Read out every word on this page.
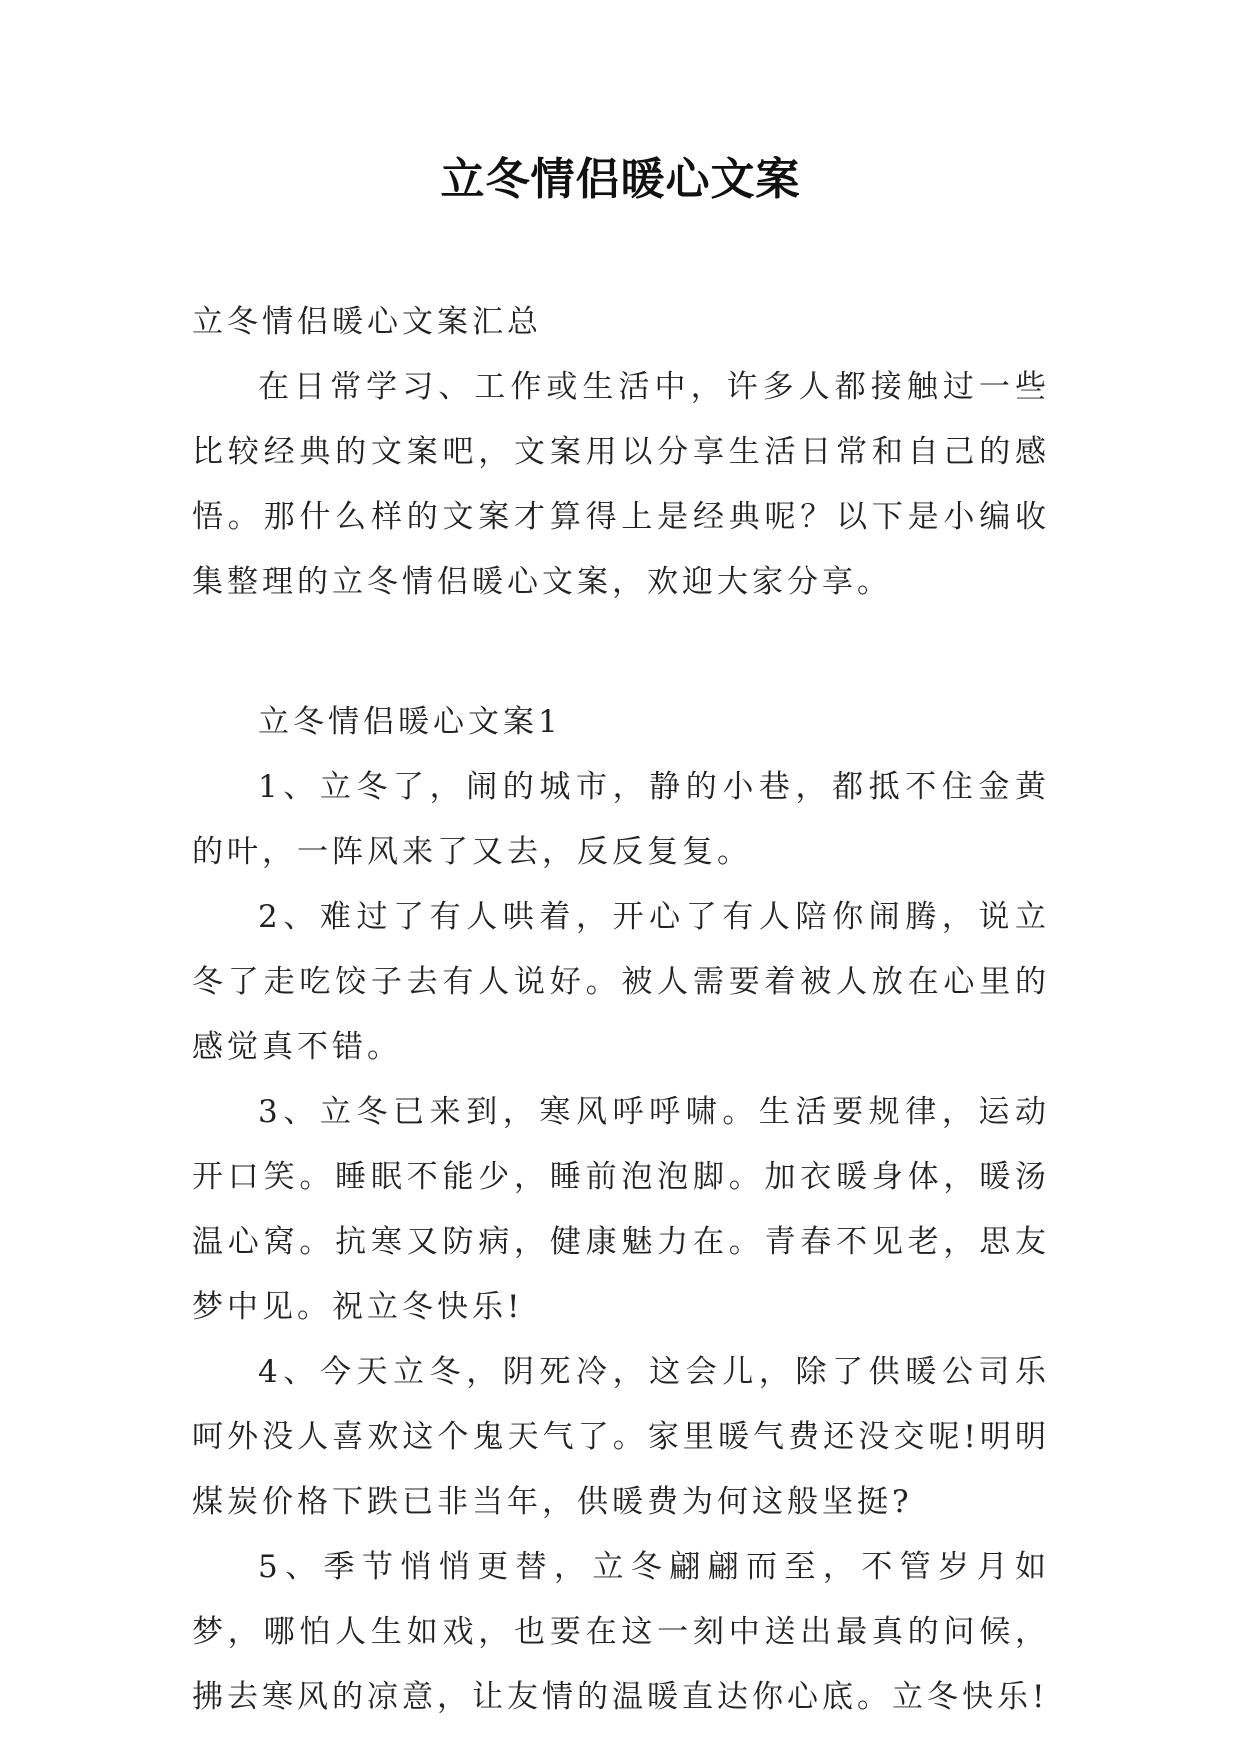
立冬情侣暖心文案

立冬情侣暖心文案汇总

在日常学习、工作或生活中，许多人都接触过一些比较经典的文案吧，文案用以分享生活日常和自己的感悟。那什么样的文案才算得上是经典呢？以下是小编收集整理的立冬情侣暖心文案，欢迎大家分享。

立冬情侣暖心文案1

1、立冬了，闹的城市，静的小巷，都抵不住金黄的叶，一阵风来了又去，反反复复。

2、难过了有人哄着，开心了有人陪你闹腾，说立冬了走吃饺子去有人说好。被人需要着被人放在心里的感觉真不错。

3、立冬已来到，寒风呼呼啸。生活要规律，运动开口笑。睡眠不能少，睡前泡泡脚。加衣暖身体，暖汤温心窝。抗寒又防病，健康魅力在。青春不见老，思友梦中见。祝立冬快乐!

4、今天立冬，阴死冷，这会儿，除了供暖公司乐呵外没人喜欢这个鬼天气了。家里暖气费还没交呢!明明煤炭价格下跌已非当年，供暖费为何这般坚挺?

5、季节悄悄更替，立冬翩翩而至，不管岁月如梦，哪怕人生如戏，也要在这一刻中送出最真的问候，拂去寒风的凉意，让友情的温暖直达你心底。立冬快乐!
